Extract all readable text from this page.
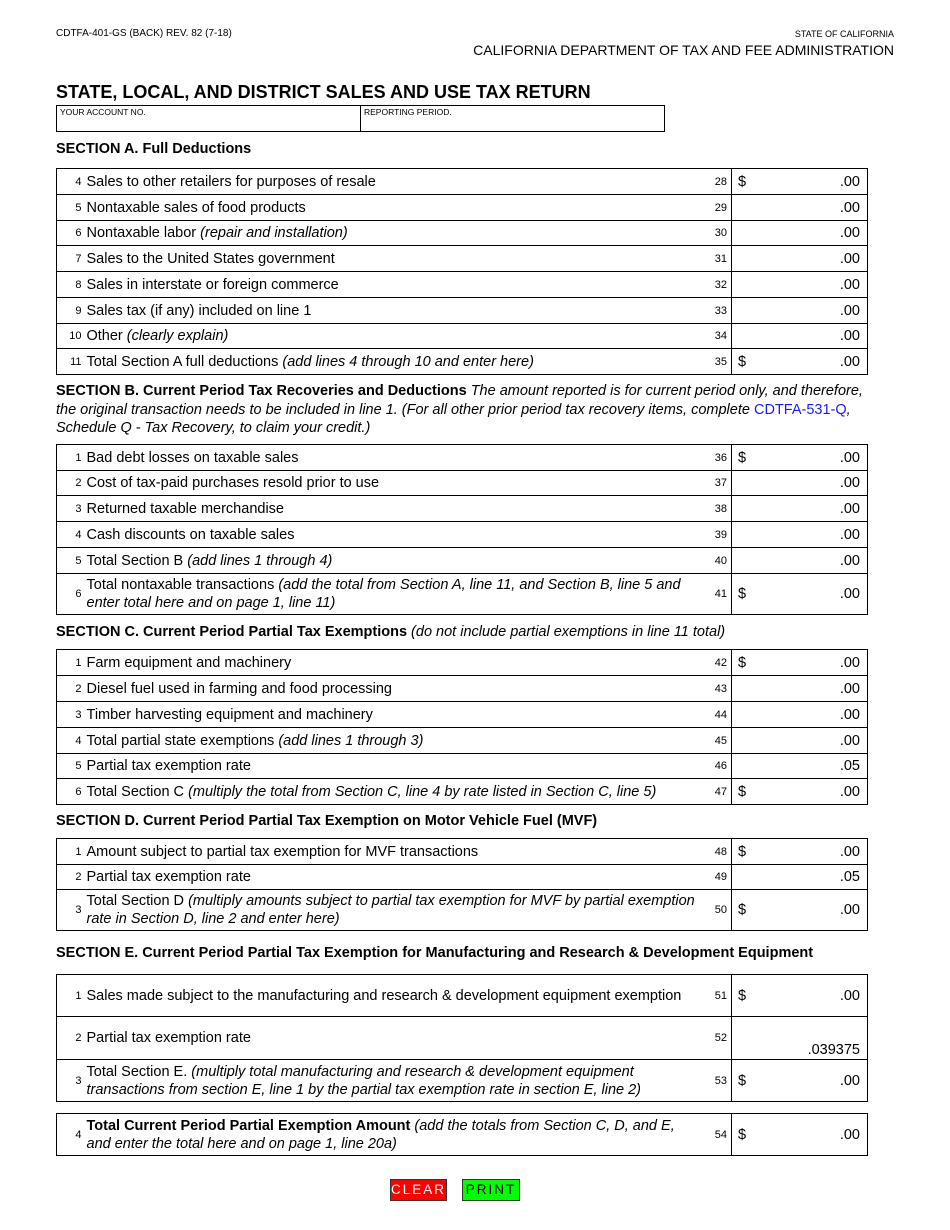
CDTFA-401-GS (BACK) REV. 82 (7-18)	STATE OF CALIFORNIA
CALIFORNIA DEPARTMENT OF TAX AND FEE ADMINISTRATION
STATE, LOCAL, AND DISTRICT SALES AND USE TAX RETURN
YOUR ACCOUNT NO.	REPORTING PERIOD.
SECTION A. Full Deductions
4	Sales to other retailers for purposes of resale	28	$ .00

5	Nontaxable sales of food products	29	.00

6	Nontaxable labor (repair and installation)	30	.00

7	Sales to the United States government	31	.00

8	Sales in interstate or foreign commerce	32	.00

9	Sales tax (if any) included on line 1	33	.00

10	Other (clearly explain)	34	.00

11	Total Section A full deductions (add lines 4 through 10 and enter here)	35	$ .00
SECTION B. Current Period Tax Recoveries and Deductions The amount reported is for current period only, and therefore, the original transaction needs to be included in line 1. (For all other prior period tax recovery items, complete CDTFA-531-Q, Schedule Q - Tax Recovery, to claim your credit.)
1	Bad debt losses on taxable sales	36	$ .00

2	Cost of tax-paid purchases resold prior to use	37	.00

3	Returned taxable merchandise	38	.00

4	Cash discounts on taxable sales	39	.00

5	Total Section B (add lines 1 through 4)	40	.00

6	Total nontaxable transactions (add the total from Section A, line 11, and Section B, line 5 and enter total here and on page 1, line 11)	41	$ .00
SECTION C. Current Period Partial Tax Exemptions (do not include partial exemptions in line 11 total)
1	Farm equipment and machinery	42	$ .00

2	Diesel fuel used in farming and food processing	43	.00

3	Timber harvesting equipment and machinery	44	.00

4	Total partial state exemptions (add lines 1 through 3)	45	.00

5	Partial tax exemption rate	46	.05

6	Total Section C (multiply the total from Section C, line 4 by rate listed in Section C, line 5)	47	$ .00
SECTION D. Current Period Partial Tax Exemption on Motor Vehicle Fuel (MVF)
1	Amount subject to partial tax exemption for MVF transactions	48	$ .00

2	Partial tax exemption rate	49	.05

3	Total Section D (multiply amounts subject to partial tax exemption for MVF by partial exemption rate in Section D, line 2 and enter here)	50	$ .00
SECTION E. Current Period Partial Tax Exemption for Manufacturing and Research & Development Equipment
1	Sales made subject to the manufacturing and research & development equipment exemption	51	$ .00

2	Partial tax exemption rate	52	.039375

3	Total Section E. (multiply total manufacturing and research & development equipment transactions from section E, line 1 by the partial tax exemption rate in section E, line 2)	53	$ .00
4	Total Current Period Partial Exemption Amount (add the totals from Section C, D, and E, and enter the total here and on page 1, line 20a)	54	$	.00
CLEAR PRINT
